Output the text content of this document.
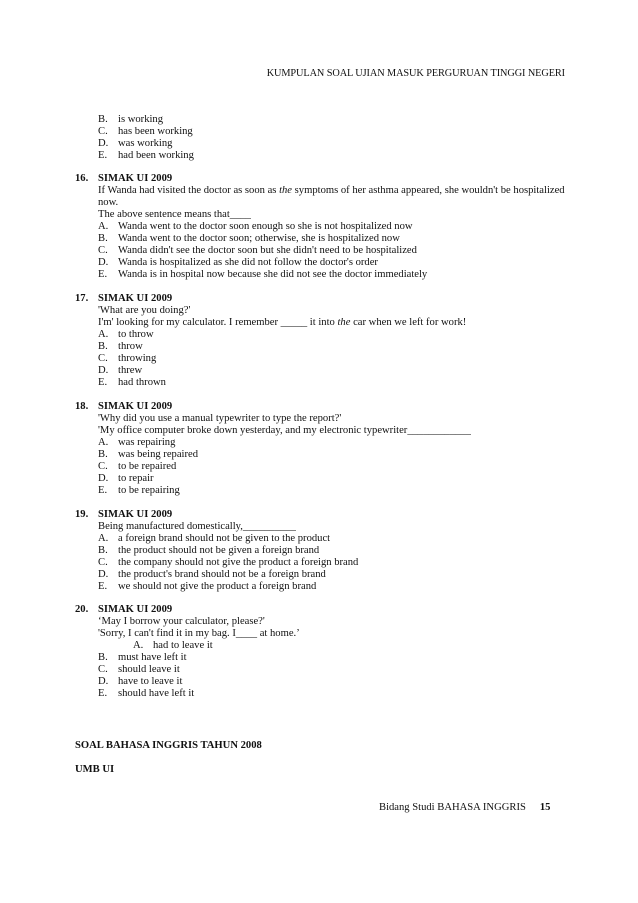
KUMPULAN SOAL UJIAN MASUK PERGURUAN TINGGI NEGERI
B. is working
C. has been working
D. was working
E. had been working
16. SIMAK UI 2009
If Wanda had visited the doctor as soon as the symptoms of her asthma appeared, she wouldn't be hospitalized
now.
The above sentence means that____
A. Wanda went to the doctor soon enough so she is not hospitalized now
B. Wanda went to the doctor soon; otherwise, she is hospitalized now
C. Wanda didn't see the doctor soon but she didn't need to be hospitalized
D. Wanda is hospitalized as she did not follow the doctor's order
E. Wanda is in hospital now because she did not see the doctor immediately
17. SIMAK UI 2009
'What are you doing?'
I'm' looking for my calculator. I remember _____ it into the car when we left for work!
A. to throw
B. throw
C. throwing
D. threw
E. had thrown
18. SIMAK UI 2009
'Why did you use a manual typewriter to type the report?'
'My office computer broke down yesterday, and my electronic typewriter____________
A. was repairing
B. was being repaired
C. to be repaired
D. to repair
E. to be repairing
19. SIMAK UI 2009
Being manufactured domestically,__________
A. a foreign brand should not be given to the product
B. the product should not be given a foreign brand
C. the company should not give the product a foreign brand
D. the product's brand should not be a foreign brand
E. we should not give the product a foreign brand
20. SIMAK UI 2009
‘May I borrow your calculator, please?'
'Sorry, I can't find it in my bag. I____ at home.’
A. had to leave it
B. must have left it
C. should leave it
D. have to leave it
E. should have left it
SOAL BAHASA INGGRIS TAHUN 2008
UMB UI
Bidang Studi BAHASA INGGRIS 15
